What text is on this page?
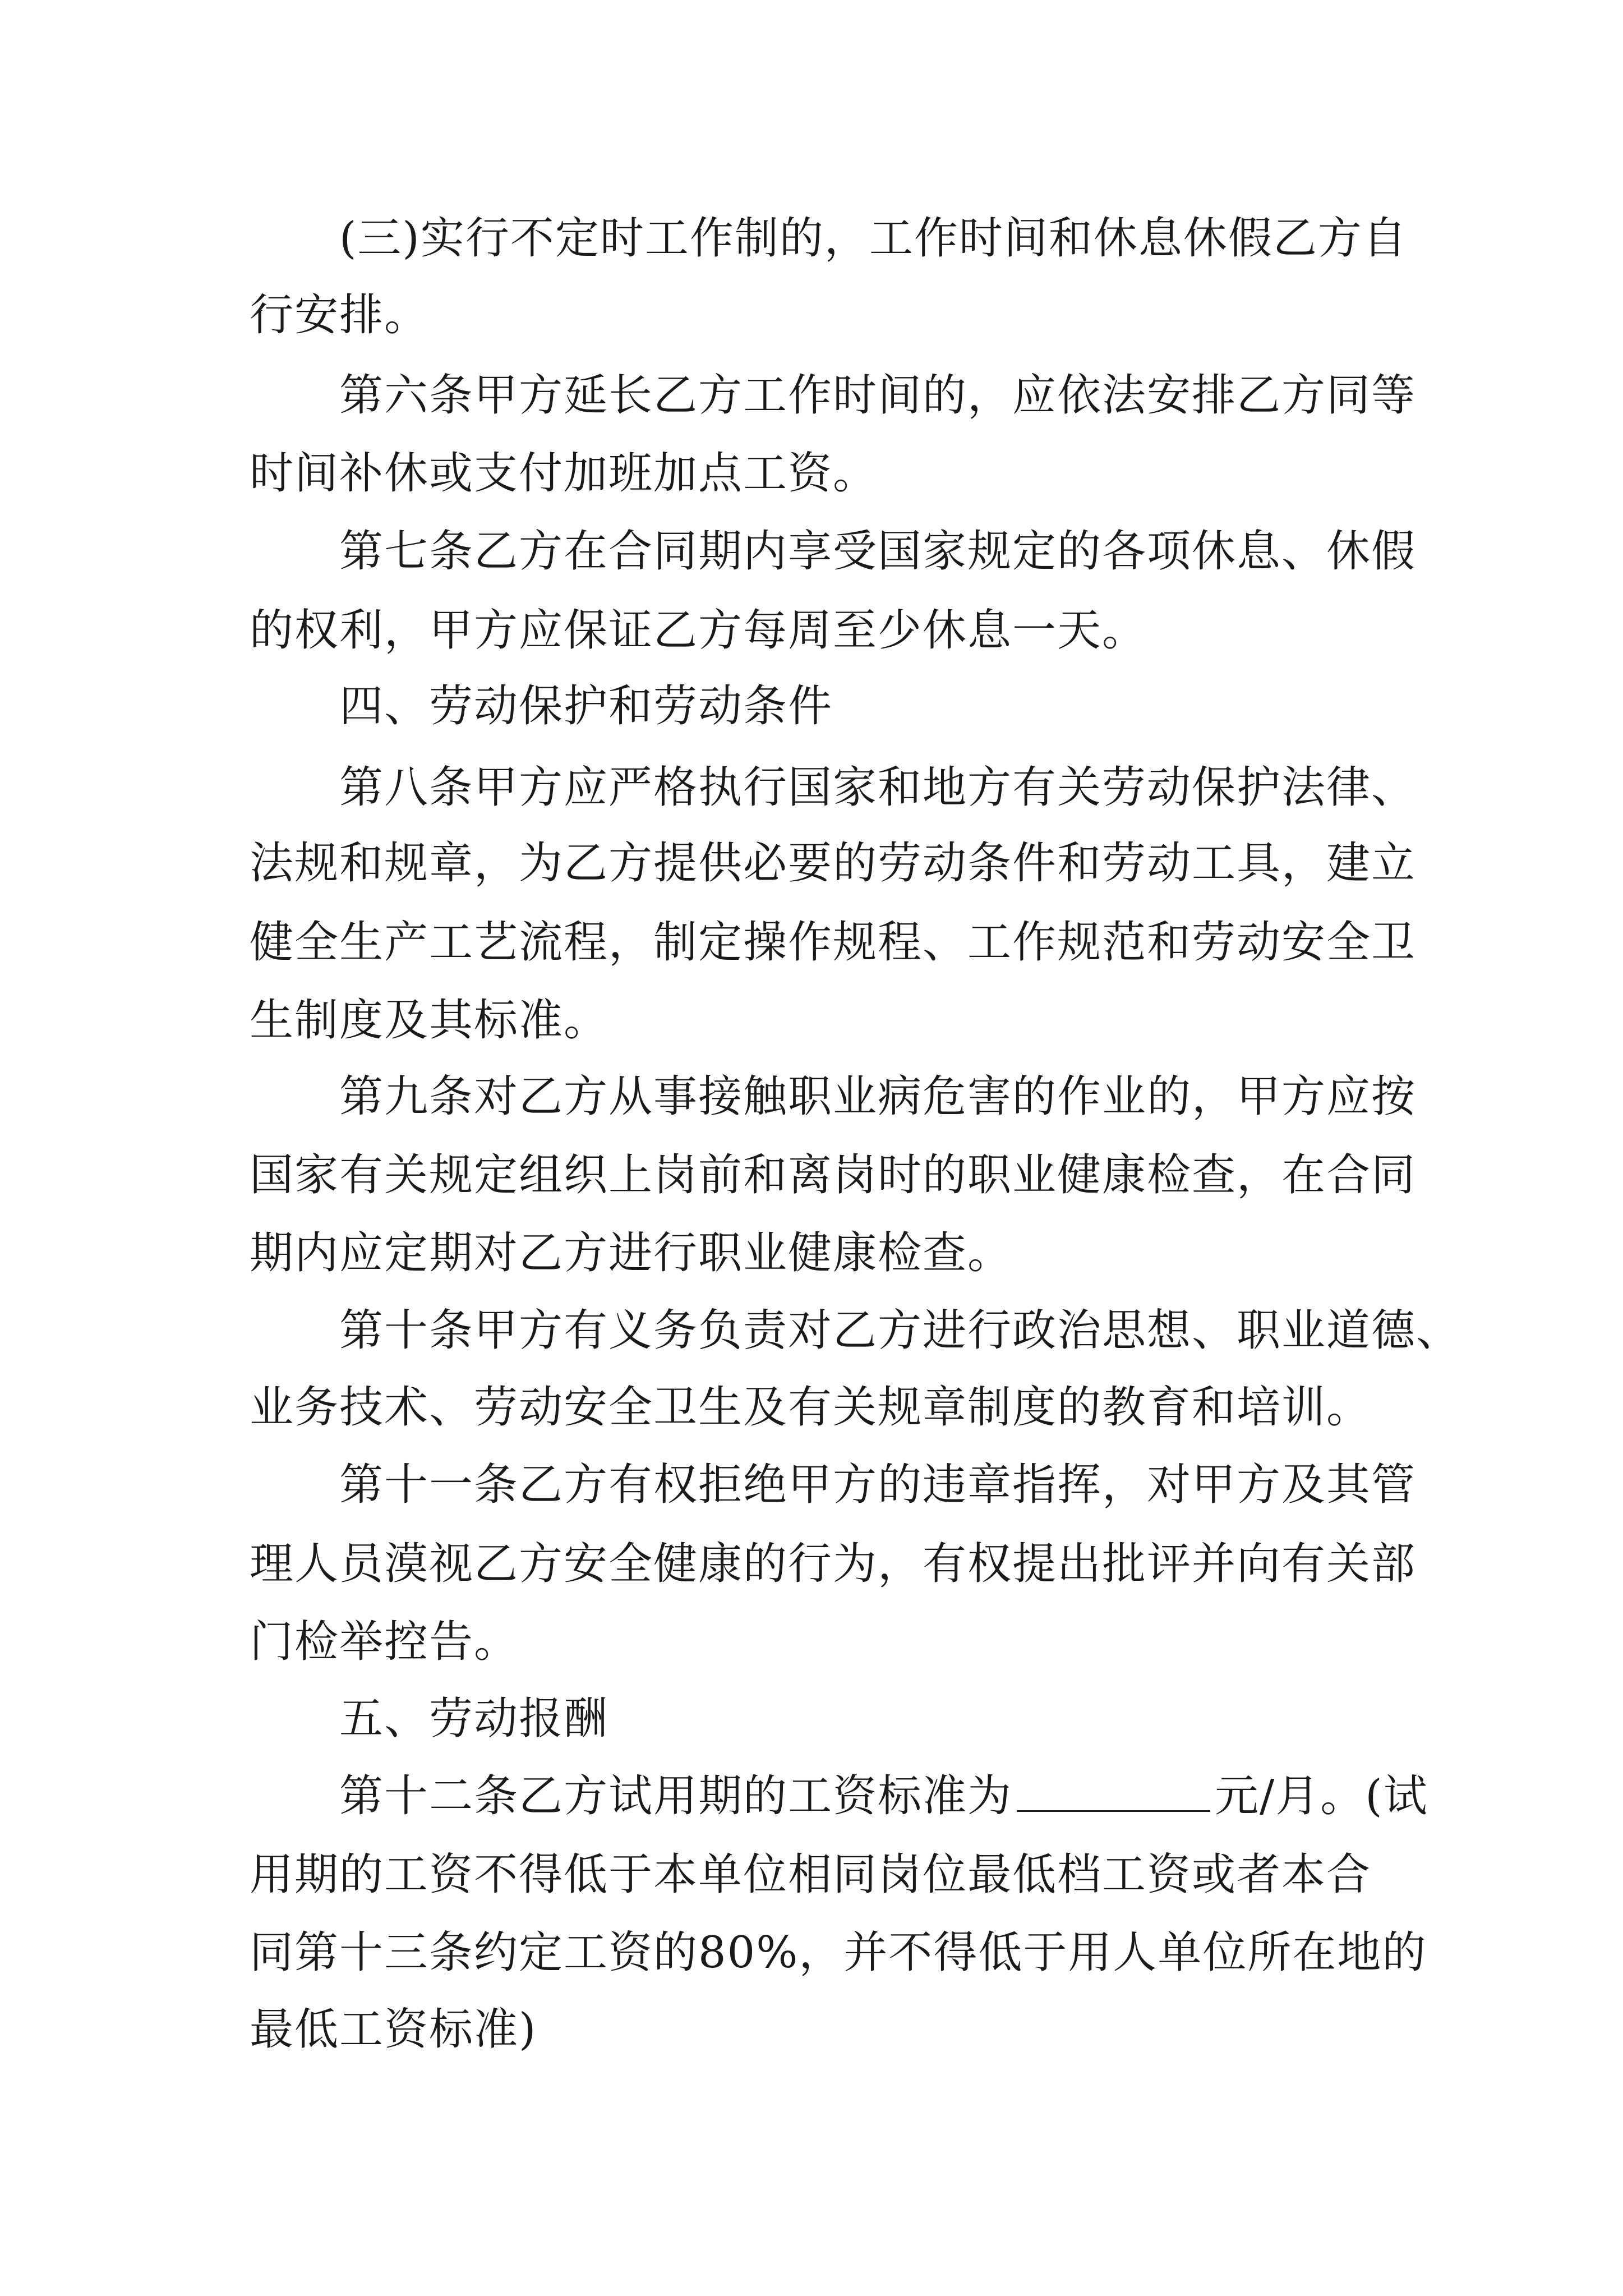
(三)实行不定时工作制的，工作时间和休息休假乙方自
行安排。
第六条甲方延长乙方工作时间的，应依法安排乙方同等
时间补休或支付加班加点工资。
第七条乙方在合同期内享受国家规定的各项休息、休假
的权利，甲方应保证乙方每周至少休息一天。
四、劳动保护和劳动条件
第八条甲方应严格执行国家和地方有关劳动保护法律、
法规和规章，为乙方提供必要的劳动条件和劳动工具，建立
健全生产工艺流程，制定操作规程、工作规范和劳动安全卫
生制度及其标准。
第九条对乙方从事接触职业病危害的作业的，甲方应按
国家有关规定组织上岗前和离岗时的职业健康检查，在合同
期内应定期对乙方进行职业健康检查。
第十条甲方有义务负责对乙方进行政治思想、职业道德、
业务技术、劳动安全卫生及有关规章制度的教育和培训。
第十一条乙方有权拒绝甲方的违章指挥，对甲方及其管
理人员漠视乙方安全健康的行为，有权提出批评并向有关部
门检举控告。
五、劳动报酬
第十二条乙方试用期的工资标准为	元/月。(试
用期的工资不得低于本单位相同岗位最低档工资或者本合
同第十三条约定工资的80%，并不得低于用人单位所在地的
最低工资标准)
